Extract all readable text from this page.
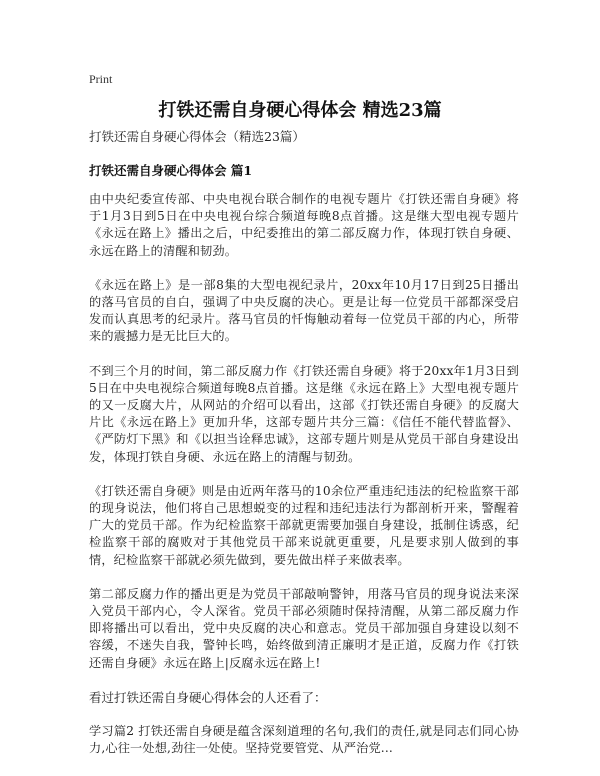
Print
打铁还需自身硬心得体会 精选23篇
打铁还需自身硬心得体会（精选23篇）
打铁还需自身硬心得体会 篇1

由中央纪委宣传部、中央电视台联合制作的电视专题片《打铁还需自身硬》将于1月3日到5日在中央电视台综合频道每晚8点首播。这是继大型电视专题片《永远在路上》播出之后，中纪委推出的第二部反腐力作，体现打铁自身硬、永远在路上的清醒和韧劲。

《永远在路上》是一部8集的大型电视纪录片，20xx年10月17日到25日播出的落马官员的自白，强调了中央反腐的决心。更是让每一位党员干部都深受启发而认真思考的纪录片。落马官员的忏悔触动着每一位党员干部的内心，所带来的震撼力是无比巨大的。

不到三个月的时间，第二部反腐力作《打铁还需自身硬》将于20xx年1月3日到5日在中央电视综合频道每晚8点首播。这是继《永远在路上》大型电视专题片的又一反腐大片，从网站的介绍可以看出，这部《打铁还需自身硬》的反腐大片比《永远在路上》更加升华，这部专题片共分三篇：《信任不能代替监督》、《严防灯下黑》和《以担当诠释忠诚》，这部专题片则是从党员干部自身建设出发，体现打铁自身硬、永远在路上的清醒与韧劲。

《打铁还需自身硬》则是由近两年落马的10余位严重违纪违法的纪检监察干部的现身说法，他们将自己思想蜕变的过程和违纪违法行为都剖析开来，警醒着广大的党员干部。作为纪检监察干部就更需要加强自身建设，抵制住诱惑，纪检监察干部的腐败对于其他党员干部来说就更重要，凡是要求别人做到的事情，纪检监察干部就必须先做到，要先做出样子来做表率。

第二部反腐力作的播出更是为党员干部敲响警钟，用落马官员的现身说法来深入党员干部内心，令人深省。党员干部必须随时保持清醒，从第二部反腐力作即将播出可以看出，党中央反腐的决心和意志。党员干部加强自身建设以刻不容缓，不迷失自我，警钟长鸣，始终做到清正廉明才是正道，反腐力作《打铁还需自身硬》永远在路上|反腐永远在路上!

看过打铁还需自身硬心得体会的人还看了：

学习篇2 打铁还需自身硬是蕴含深刻道理的名句,我们的责任,就是同志们同心协力,心往一处想,劲往一处使。坚持党要管党、从严治党...
